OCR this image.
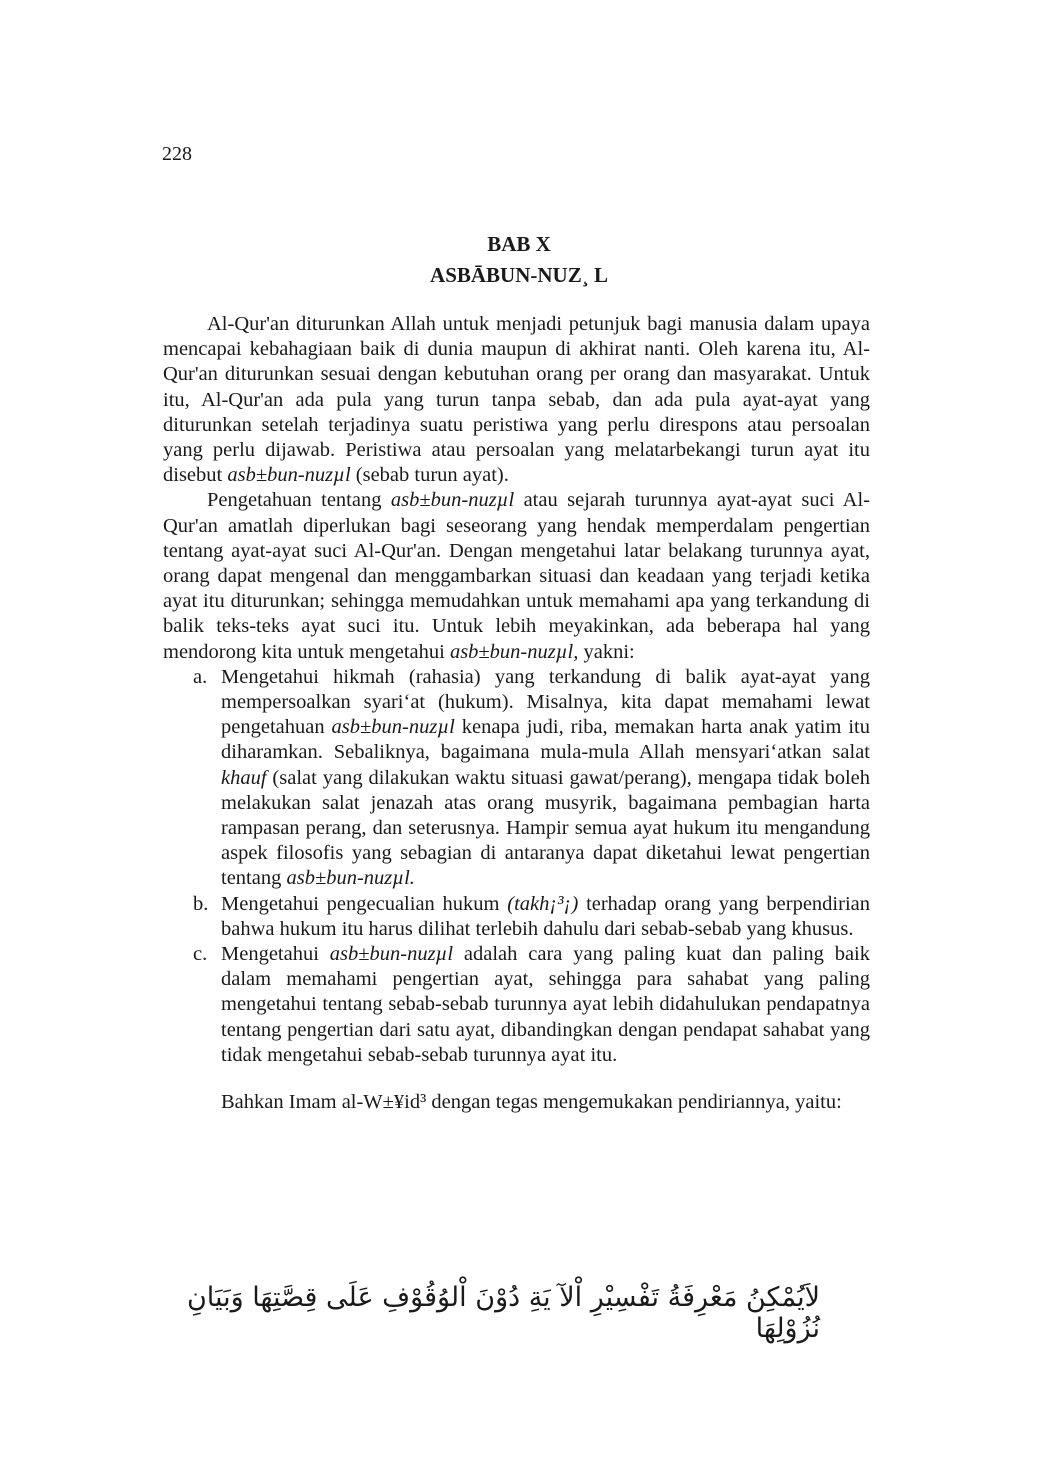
228
BAB X
ASBĀBUN-NUZ¸ L

Al-Qur'an diturunkan Allah untuk menjadi petunjuk bagi manusia dalam upaya mencapai kebahagiaan baik di dunia maupun di akhirat nanti. Oleh karena itu, Al-Qur'an diturunkan sesuai dengan kebutuhan orang per orang dan masyarakat. Untuk itu, Al-Qur'an ada pula yang turun tanpa sebab, dan ada pula ayat-ayat yang diturunkan setelah terjadinya suatu peristiwa yang perlu direspons atau persoalan yang perlu dijawab. Peristiwa atau persoalan yang melatarbekangi turun ayat itu disebut asb±bun-nuzµl (sebab turun ayat).

Pengetahuan tentang asb±bun-nuzµl atau sejarah turunnya ayat-ayat suci Al-Qur'an amatlah diperlukan bagi seseorang yang hendak memperdalam pengertian tentang ayat-ayat suci Al-Qur'an. Dengan mengetahui latar belakang turunnya ayat, orang dapat mengenal dan menggambarkan situasi dan keadaan yang terjadi ketika ayat itu diturunkan; sehingga memudahkan untuk memahami apa yang terkandung di balik teks-teks ayat suci itu. Untuk lebih meyakinkan, ada beberapa hal yang mendorong kita untuk mengetahui asb±bun-nuzµl, yakni:

a. Mengetahui hikmah (rahasia) yang terkandung di balik ayat-ayat yang mempersoalkan syari‘at (hukum). Misalnya, kita dapat memahami lewat pengetahuan asb±bun-nuzµl kenapa judi, riba, memakan harta anak yatim itu diharamkan. Sebaliknya, bagaimana mula-mula Allah mensyari‘atkan salat khauf (salat yang dilakukan waktu situasi gawat/perang), mengapa tidak boleh melakukan salat jenazah atas orang musyrik, bagaimana pembagian harta rampasan perang, dan seterusnya. Hampir semua ayat hukum itu mengandung aspek filosofis yang sebagian di antaranya dapat diketahui lewat pengertian tentang asb±bun-nuzµl.
b. Mengetahui pengecualian hukum (takh¡³¡) terhadap orang yang berpendirian bahwa hukum itu harus dilihat terlebih dahulu dari sebab-sebab yang khusus.
c. Mengetahui asb±bun-nuzµl adalah cara yang paling kuat dan paling baik dalam memahami pengertian ayat, sehingga para sahabat yang paling mengetahui tentang sebab-sebab turunnya ayat lebih didahulukan pendapatnya tentang pengertian dari satu ayat, dibandingkan dengan pendapat sahabat yang tidak mengetahui sebab-sebab turunnya ayat itu.

Bahkan Imam al-W±¥id³ dengan tegas mengemukakan pendiriannya, yaitu:

لاَيُمْكِنُ مَعْرِفَةُ تَفْسِيْرِ اْلآ يَةِ دُوْنَ اْلوُقُوْفِ عَلَى قِصَّتِهَا وَبَيَانِ نُزُوْلِهَا
